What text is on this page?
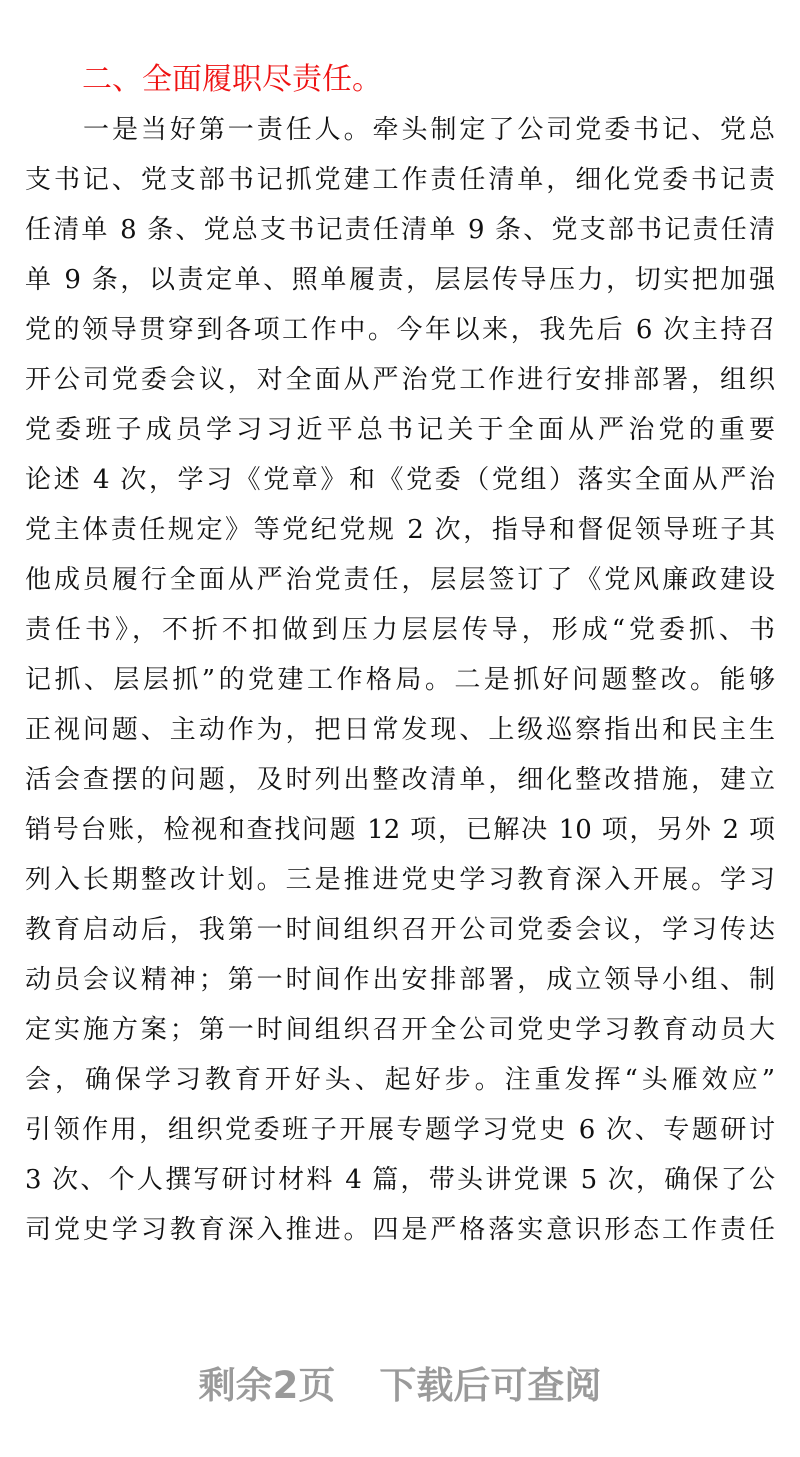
二、全面履职尽责任。
一是当好第一责任人。牵头制定了公司党委书记、党总
支书记、党支部书记抓党建工作责任清单，细化党委书记责
任清单 8 条、党总支书记责任清单 9 条、党支部书记责任清
单 9 条，以责定单、照单履责，层层传导压力，切实把加强
党的领导贯穿到各项工作中。今年以来，我先后 6 次主持召
开公司党委会议，对全面从严治党工作进行安排部署，组织
党委班子成员学习习近平总书记关于全面从严治党的重要
论述 4 次，学习《党章》和《党委（党组）落实全面从严治
党主体责任规定》等党纪党规 2 次，指导和督促领导班子其
他成员履行全面从严治党责任，层层签订了《党风廉政建设
责任书》，不折不扣做到压力层层传导，形成“党委抓、书
记抓、层层抓”的党建工作格局。二是抓好问题整改。能够
正视问题、主动作为，把日常发现、上级巡察指出和民主生
活会查摆的问题，及时列出整改清单，细化整改措施，建立
销号台账，检视和查找问题 12 项，已解决 10 项，另外 2 项
列入长期整改计划。三是推进党史学习教育深入开展。学习
教育启动后，我第一时间组织召开公司党委会议，学习传达
动员会议精神；第一时间作出安排部署，成立领导小组、制
定实施方案；第一时间组织召开全公司党史学习教育动员大
会，确保学习教育开好头、起好步。注重发挥“头雁效应”
引领作用，组织党委班子开展专题学习党史 6 次、专题研讨
3 次、个人撰写研讨材料 4 篇，带头讲党课 5 次，确保了公
司党史学习教育深入推进。四是严格落实意识形态工作责任
剩余2页 下载后可查阅
